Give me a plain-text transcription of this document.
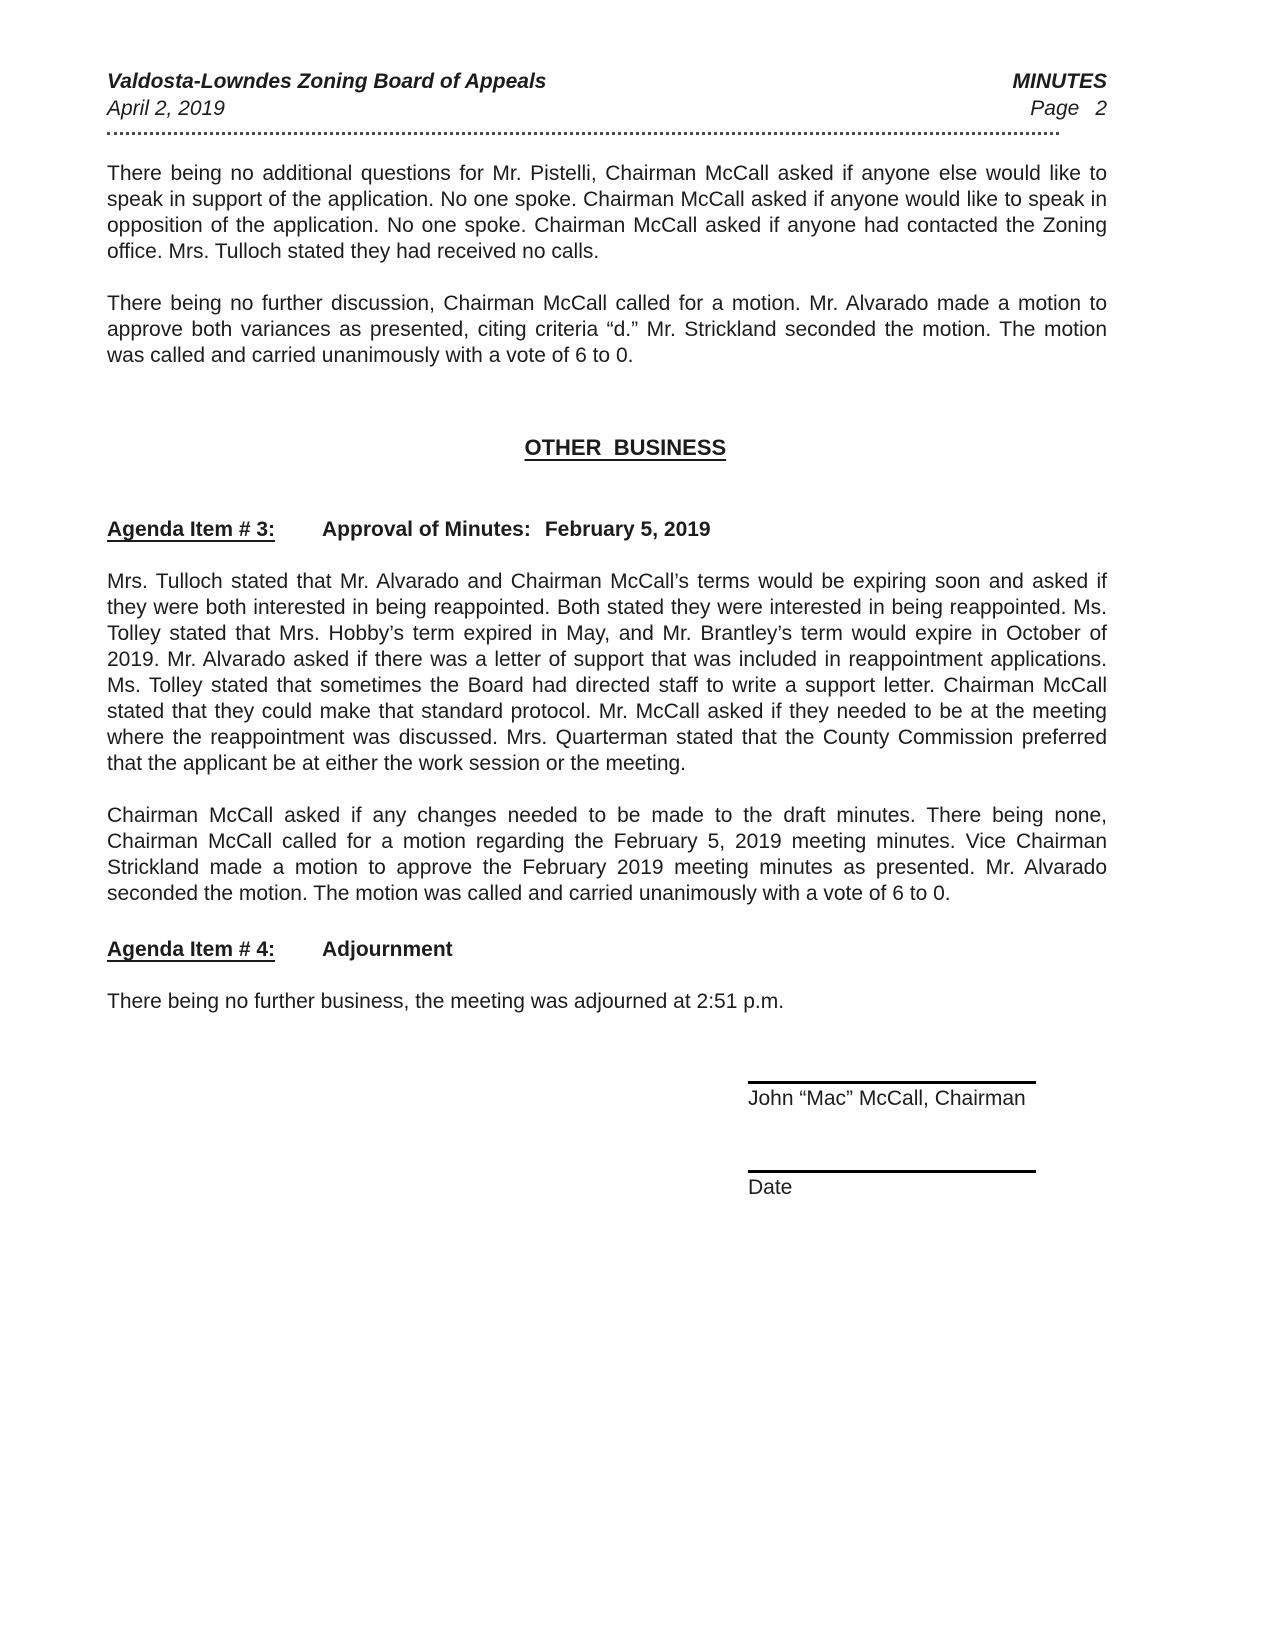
Valdosta-Lowndes Zoning Board of Appeals
April 2, 2019
MINUTES
Page 2

There being no additional questions for Mr. Pistelli, Chairman McCall asked if anyone else would like to speak in support of the application. No one spoke. Chairman McCall asked if anyone would like to speak in opposition of the application. No one spoke. Chairman McCall asked if anyone had contacted the Zoning office. Mrs. Tulloch stated they had received no calls.

There being no further discussion, Chairman McCall called for a motion. Mr. Alvarado made a motion to approve both variances as presented, citing criteria “d.” Mr. Strickland seconded the motion. The motion was called and carried unanimously with a vote of 6 to 0.

OTHER  BUSINESS

Agenda Item # 3: Approval of Minutes: February 5, 2019

Mrs. Tulloch stated that Mr. Alvarado and Chairman McCall’s terms would be expiring soon and asked if they were both interested in being reappointed. Both stated they were interested in being reappointed. Ms. Tolley stated that Mrs. Hobby’s term expired in May, and Mr. Brantley’s term would expire in October of 2019. Mr. Alvarado asked if there was a letter of support that was included in reappointment applications. Ms. Tolley stated that sometimes the Board had directed staff to write a support letter. Chairman McCall stated that they could make that standard protocol. Mr. McCall asked if they needed to be at the meeting where the reappointment was discussed. Mrs. Quarterman stated that the County Commission preferred that the applicant be at either the work session or the meeting.

Chairman McCall asked if any changes needed to be made to the draft minutes. There being none, Chairman McCall called for a motion regarding the February 5, 2019 meeting minutes. Vice Chairman Strickland made a motion to approve the February 2019 meeting minutes as presented. Mr. Alvarado seconded the motion. The motion was called and carried unanimously with a vote of 6 to 0.

Agenda Item # 4: Adjournment

There being no further business, the meeting was adjourned at 2:51 p.m.

John “Mac” McCall, Chairman
Date
